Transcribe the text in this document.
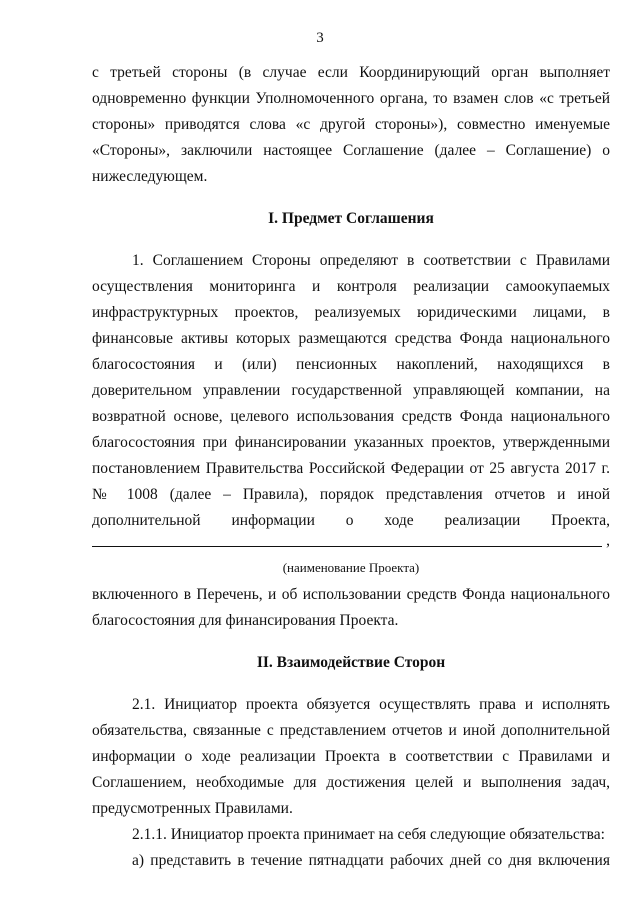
3

с третьей стороны (в случае если Координирующий орган выполняет одновременно функции Уполномоченного органа, то взамен слов «с третьей стороны» приводятся слова «с другой стороны»), совместно именуемые «Стороны», заключили настоящее Соглашение (далее – Соглашение) о нижеследующем.

I. Предмет Соглашения

1. Соглашением Стороны определяют в соответствии с Правилами осуществления мониторинга и контроля реализации самоокупаемых инфраструктурных проектов, реализуемых юридическими лицами, в финансовые активы которых размещаются средства Фонда национального благосостояния и (или) пенсионных накоплений, находящихся в доверительном управлении государственной управляющей компании, на возвратной основе, целевого использования средств Фонда национального благосостояния при финансировании указанных проектов, утвержденными постановлением Правительства Российской Федерации от 25 августа 2017 г. № 1008 (далее – Правила), порядок представления отчетов и иной дополнительной информации о ходе реализации Проекта,

,

(наименование Проекта)

включенного в Перечень, и об использовании средств Фонда национального благосостояния для финансирования Проекта.

II. Взаимодействие Сторон

2.1. Инициатор проекта обязуется осуществлять права и исполнять обязательства, связанные с представлением отчетов и иной дополнительной информации о ходе реализации Проекта в соответствии с Правилами и Соглашением, необходимые для достижения целей и выполнения задач, предусмотренных Правилами.

2.1.1. Инициатор проекта принимает на себя следующие обязательства:

а) представить в течение пятнадцати рабочих дней со дня включения
